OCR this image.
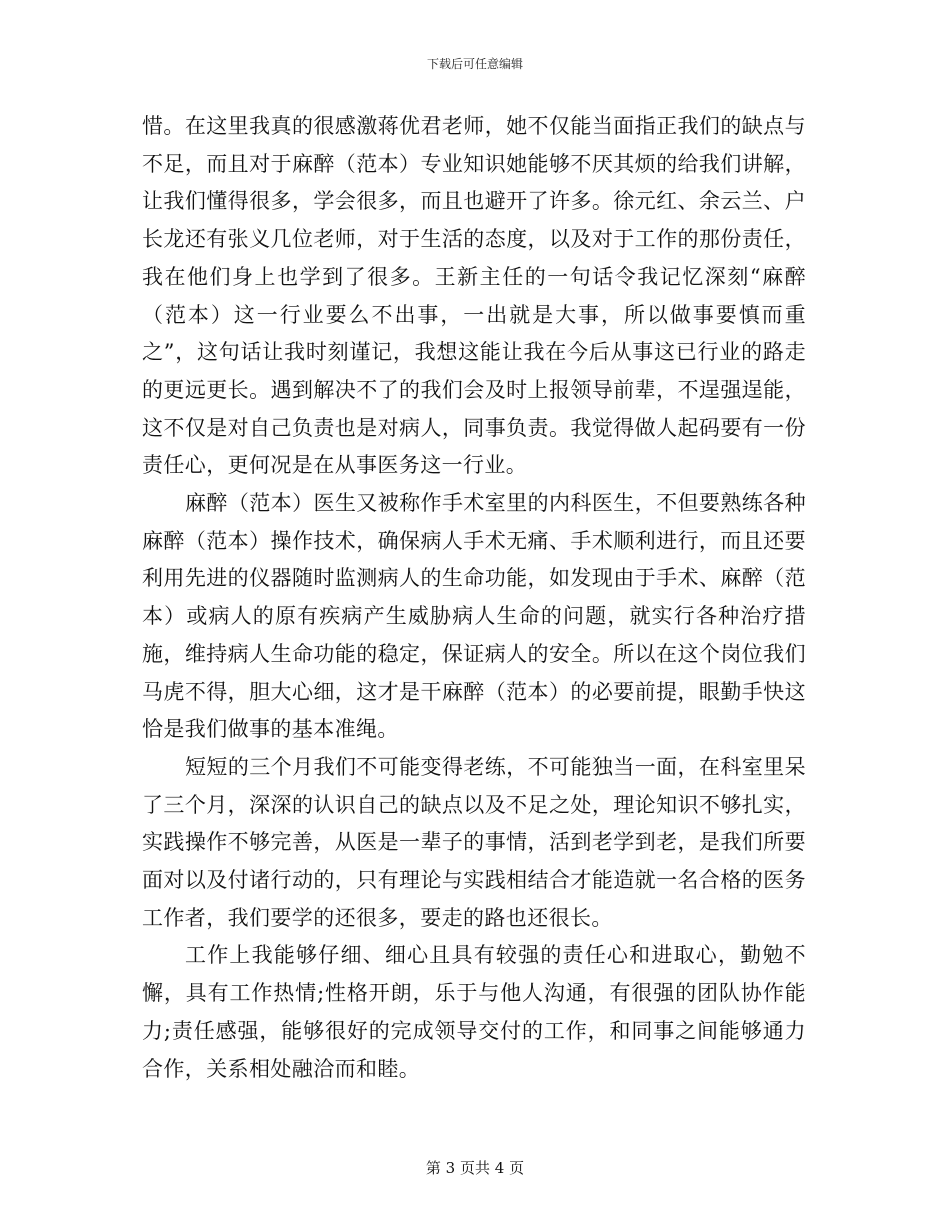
下载后可任意编辑

惜。在这里我真的很感激蒋优君老师，她不仅能当面指正我们的缺点与不足，而且对于麻醉（范本）专业知识她能够不厌其烦的给我们讲解，让我们懂得很多，学会很多，而且也避开了许多。徐元红、余云兰、户长龙还有张义几位老师，对于生活的态度，以及对于工作的那份责任，我在他们身上也学到了很多。王新主任的一句话令我记忆深刻“麻醉（范本）这一行业要么不出事，一出就是大事，所以做事要慎而重之”，这句话让我时刻谨记，我想这能让我在今后从事这已行业的路走的更远更长。遇到解决不了的我们会及时上报领导前辈，不逞强逞能，这不仅是对自己负责也是对病人，同事负责。我觉得做人起码要有一份责任心，更何况是在从事医务这一行业。

麻醉（范本）医生又被称作手术室里的内科医生，不但要熟练各种麻醉（范本）操作技术，确保病人手术无痛、手术顺利进行，而且还要利用先进的仪器随时监测病人的生命功能，如发现由于手术、麻醉（范本）或病人的原有疾病产生威胁病人生命的问题，就实行各种治疗措施，维持病人生命功能的稳定，保证病人的安全。所以在这个岗位我们马虎不得，胆大心细，这才是干麻醉（范本）的必要前提，眼勤手快这恰是我们做事的基本准绳。

短短的三个月我们不可能变得老练，不可能独当一面，在科室里呆了三个月，深深的认识自己的缺点以及不足之处，理论知识不够扎实，实践操作不够完善，从医是一辈子的事情，活到老学到老，是我们所要面对以及付诸行动的，只有理论与实践相结合才能造就一名合格的医务工作者，我们要学的还很多，要走的路也还很长。

工作上我能够仔细、细心且具有较强的责任心和进取心，勤勉不懈，具有工作热情;性格开朗，乐于与他人沟通，有很强的团队协作能力;责任感强，能够很好的完成领导交付的工作，和同事之间能够通力合作，关系相处融洽而和睦。

第 3 页共 4 页
